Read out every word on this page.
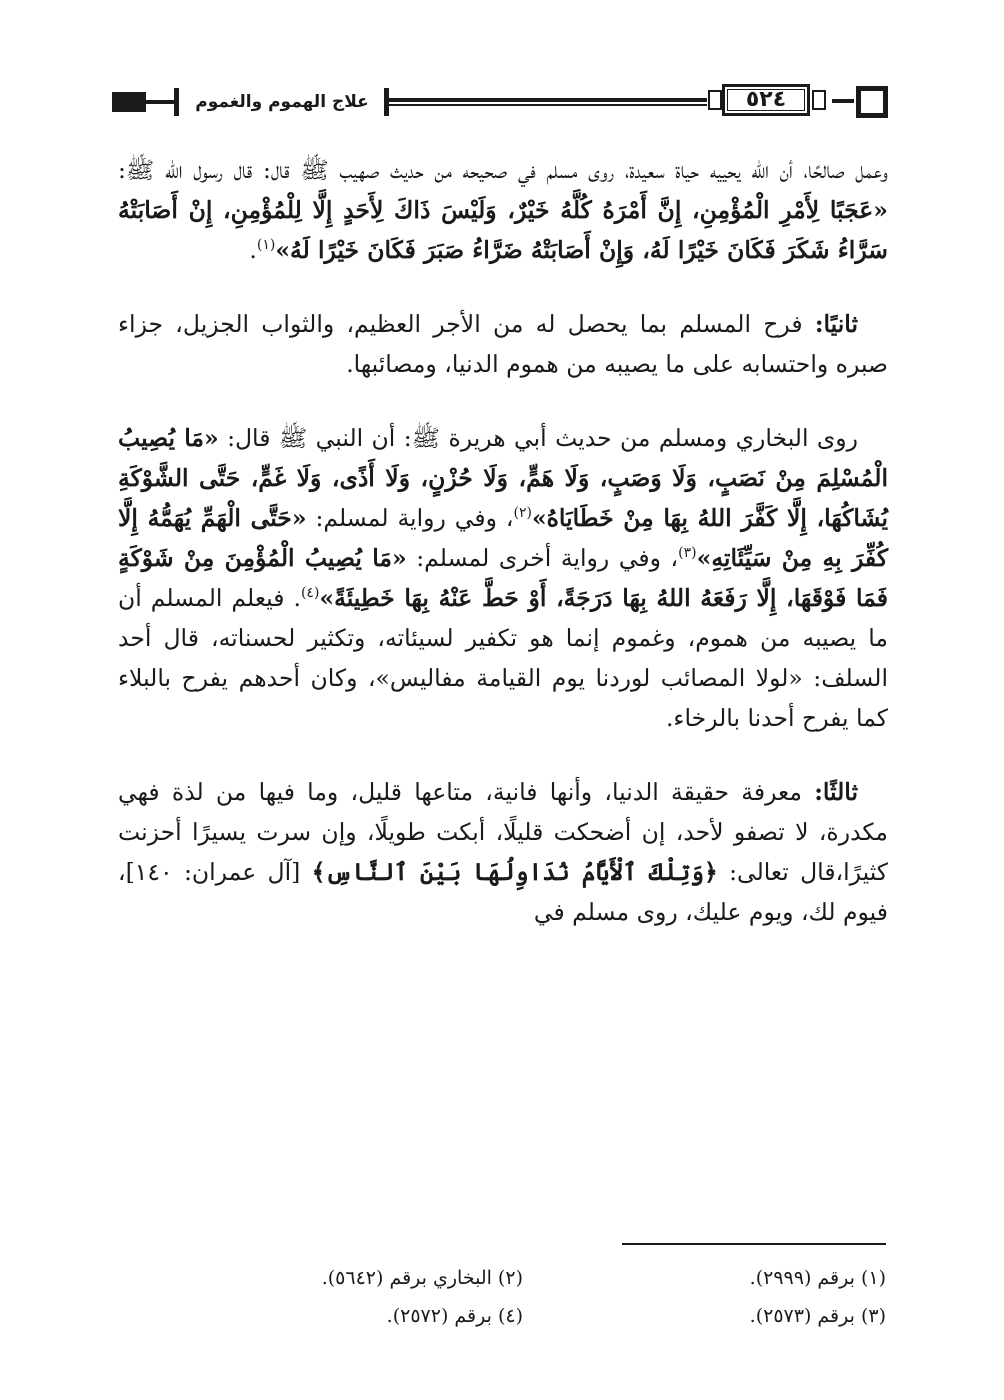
علاج الهموم والغموم	٥٢٤

وعمل صالحًا، أن الله يحييه حياة سعيدة، روى مسلم في صحيحه من حديث صهيب ﷺ قال: قال رسول الله ﷺ: «عَجَبًا لِأَمْرِ الْمُؤْمِنِ، إِنَّ أَمْرَهُ كُلَّهُ خَيْرٌ، وَلَيْسَ ذَاكَ لِأَحَدٍ إِلَّا لِلْمُؤْمِنِ، إِنْ أَصَابَتْهُ سَرَّاءُ شَكَرَ فَكَانَ خَيْرًا لَهُ، وَإِنْ أَصَابَتْهُ ضَرَّاءُ صَبَرَ فَكَانَ خَيْرًا لَهُ»$^{(١)}$.

ثانيًا: فرح المسلم بما يحصل له من الأجر العظيم، والثواب الجزيل، جزاء صبره واحتسابه على ما يصيبه من هموم الدنيا، ومصائبها.

روى البخاري ومسلم من حديث أبي هريرة ﷺ: أن النبي ﷺ قال: «مَا يُصِيبُ الْمُسْلِمَ مِنْ نَصَبٍ، وَلَا وَصَبٍ، وَلَا هَمٍّ، وَلَا حُزْنٍ، وَلَا أَذًى، وَلَا غَمٍّ، حَتَّى الشَّوْكَةِ يُشَاكُهَا، إِلَّا كَفَّرَ اللهُ بِهَا مِنْ خَطَايَاهُ»$^{(٢)}$، وفي رواية لمسلم: «حَتَّى الْهَمِّ يُهَمُّهُ إِلَّا كُفِّرَ بِهِ مِنْ سَيِّئَاتِهِ»$^{(٣)}$، وفي رواية أخرى لمسلم: «مَا يُصِيبُ الْمُؤْمِنَ مِنْ شَوْكَةٍ فَمَا فَوْقَهَا، إِلَّا رَفَعَهُ اللهُ بِهَا دَرَجَةً، أَوْ حَطَّ عَنْهُ بِهَا خَطِيئَةً»$^{(٤)}$. فيعلم المسلم أن ما يصيبه من هموم، وغموم إنما هو تكفير لسيئاته، وتكثير لحسناته، قال أحد السلف: «لولا المصائب لوردنا يوم القيامة مفاليس»، وكان أحدهم يفرح بالبلاء كما يفرح أحدنا بالرخاء.

ثالثًا: معرفة حقيقة الدنيا، وأنها فانية، متاعها قليل، وما فيها من لذة فهي مكدرة، لا تصفو لأحد، إن أضحكت قليلًا، أبكت طويلًا، وإن سرت يسيرًا أحزنت كثيرًا،قال تعالى: ﴿وَتِلْكَ ٱلْأَيَّامُ نُدَاوِلُهَا بَيْنَ ٱلنَّاسِ﴾ [آل عمران: ١٤٠]، فيوم لك، ويوم عليك، روى مسلم في

(١) برقم (٢٩٩٩).
(٢) البخاري برقم (٥٦٤٢).
(٣) برقم (٢٥٧٣).
(٤) برقم (٢٥٧٢).
